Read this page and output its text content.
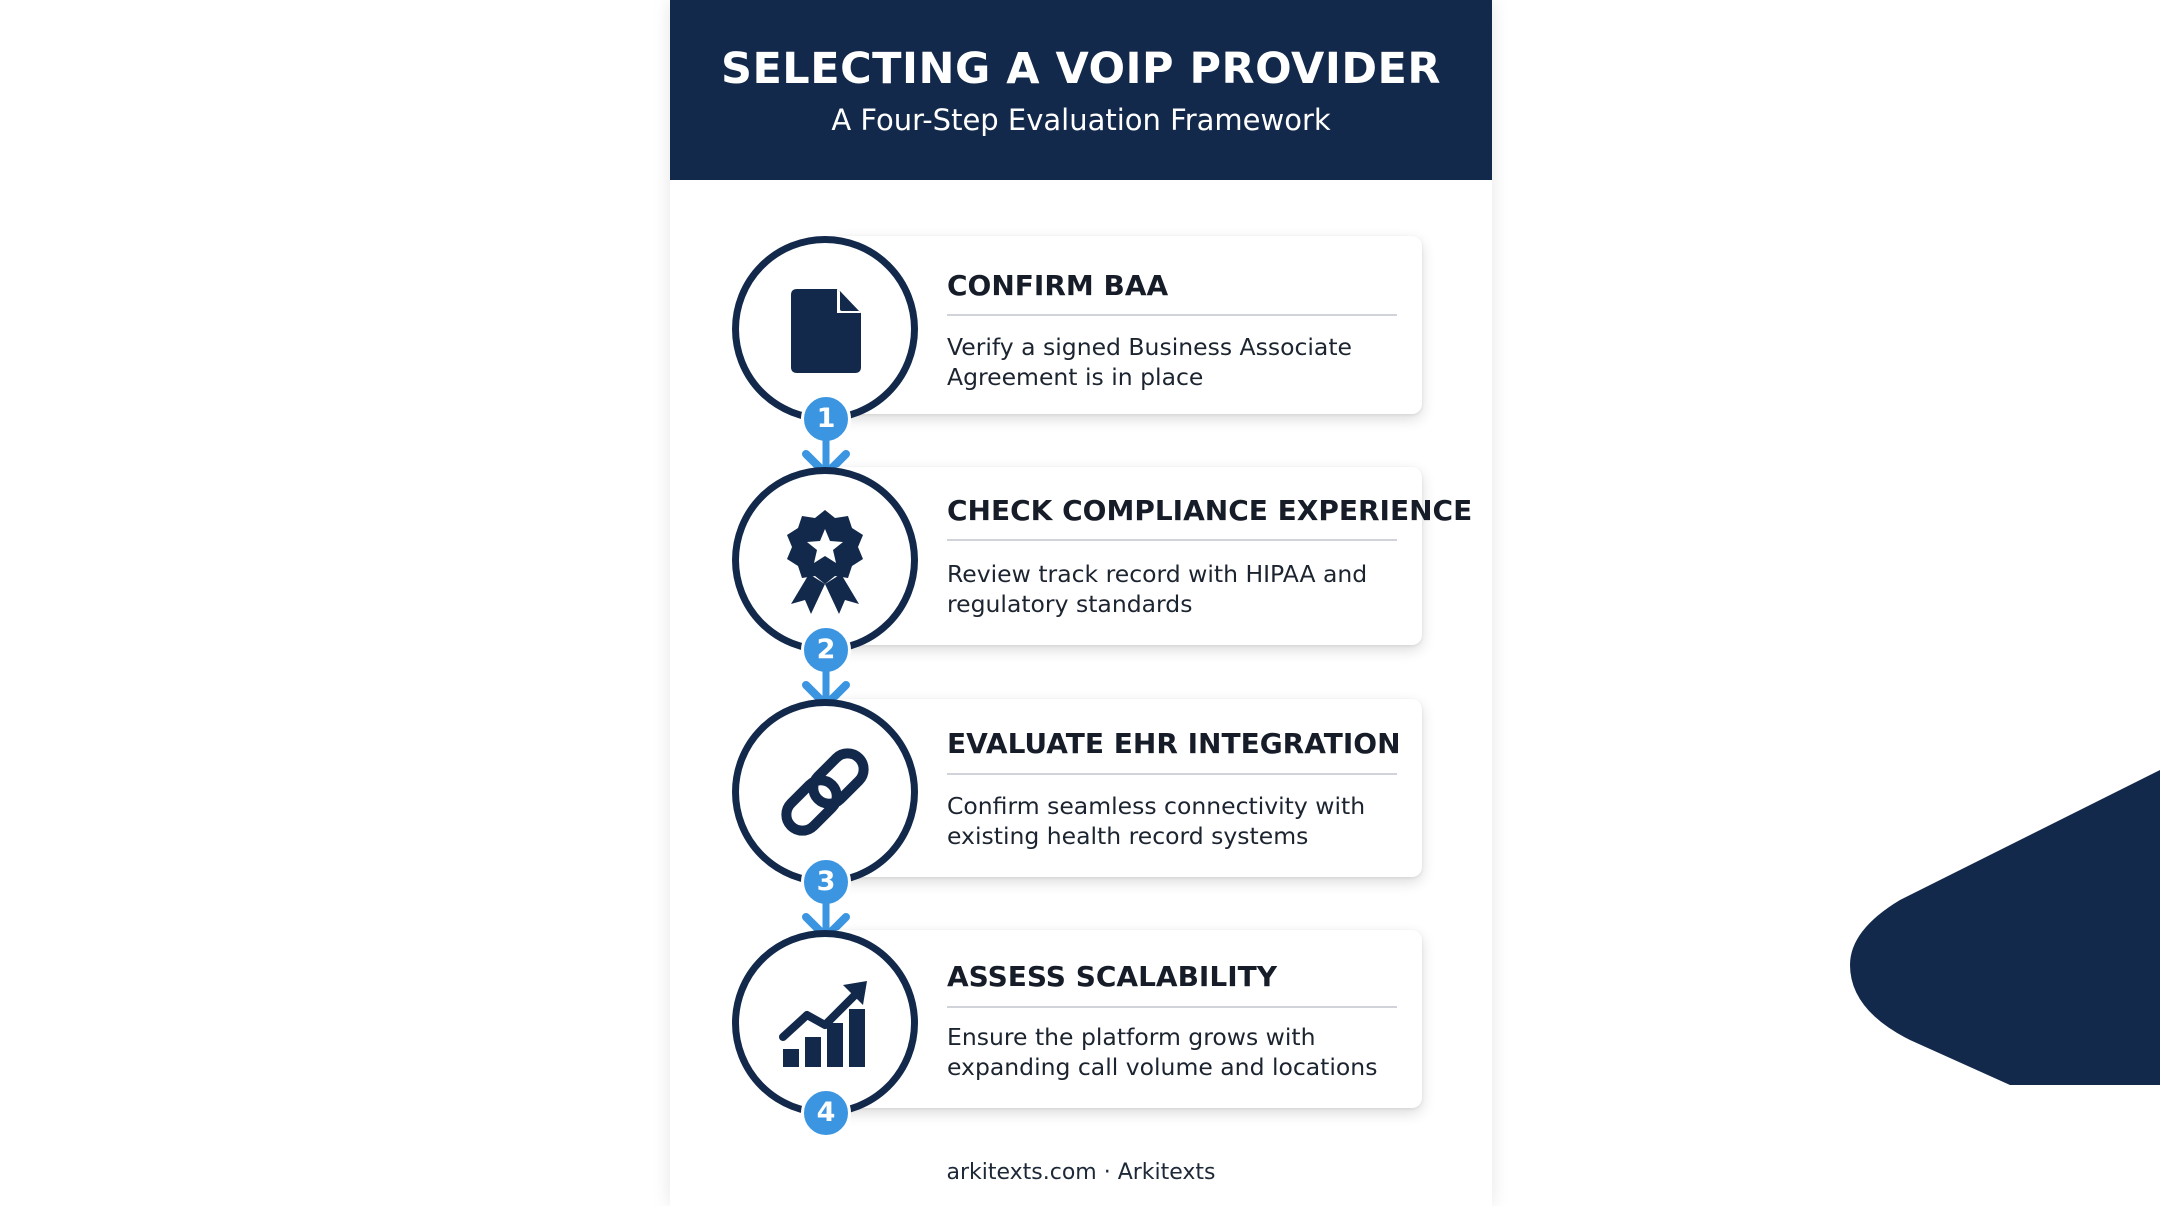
SELECTING A VOIP PROVIDER
A Four-Step Evaluation Framework
CONFIRM BAA
Verify a signed Business Associate Agreement is in place
1
CHECK COMPLIANCE EXPERIENCE
Review track record with HIPAA and regulatory standards
2
EVALUATE EHR INTEGRATION
Confirm seamless connectivity with existing health record systems
3
ASSESS SCALABILITY
Ensure the platform grows with expanding call volume and locations
4
arkitexts.com · Arkitexts
